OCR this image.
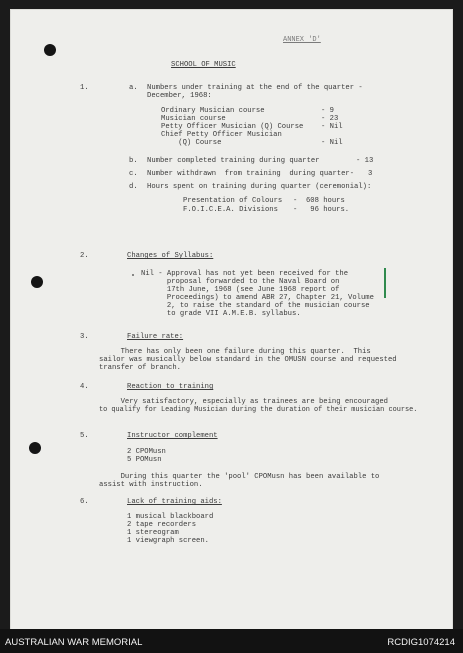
ANNEX 'D'
SCHOOL OF MUSIC
1.	a. Numbers under training at the end of the quarter -
December, 1968:
Ordinary Musician course	- 9
Musician course	- 23
Petty Officer Musician (Q) Course - Nil
Chief Petty Officer Musician
(Q) Course	- Nil
b. Number completed training during quarter	- 13
c. Number withdrawn  from training  during quarter- 3
d. Hours spent on training during quarter (ceremonial):
Presentation of Colours -  608 hours
F.O.I.C.E.A. Divisions -   96 hours.
2.	Changes of Syllabus:
Nil - Approval has not yet been received for the
proposal forwarded to the Naval Board on
17th June, 1968 (see June 1968 report of
Proceedings) to amend ABR 27, Chapter 21, Volume
2, to raise the standard of the musician course
to grade VII A.M.E.B. syllabus.
3.	Failure rate:
There has only been one failure during this quarter.  This
sailor was musically below standard in the OMUSN course and requested
transfer of branch.
4.	Reaction to training
Very satisfactory, especially as trainees are being encouraged
to qualify for Leading Musician during the duration of their musician course.
5.	Instructor complement
2 CPOMusn
5 POMusn
During this quarter the 'pool' CPOMusn has been available to
assist with instruction.
6.	Lack of training aids:
1 musical blackboard
2 tape recorders
1 stereogram
1 viewgraph screen.
AUSTRALIAN WAR MEMORIAL	RCDIG1074214
